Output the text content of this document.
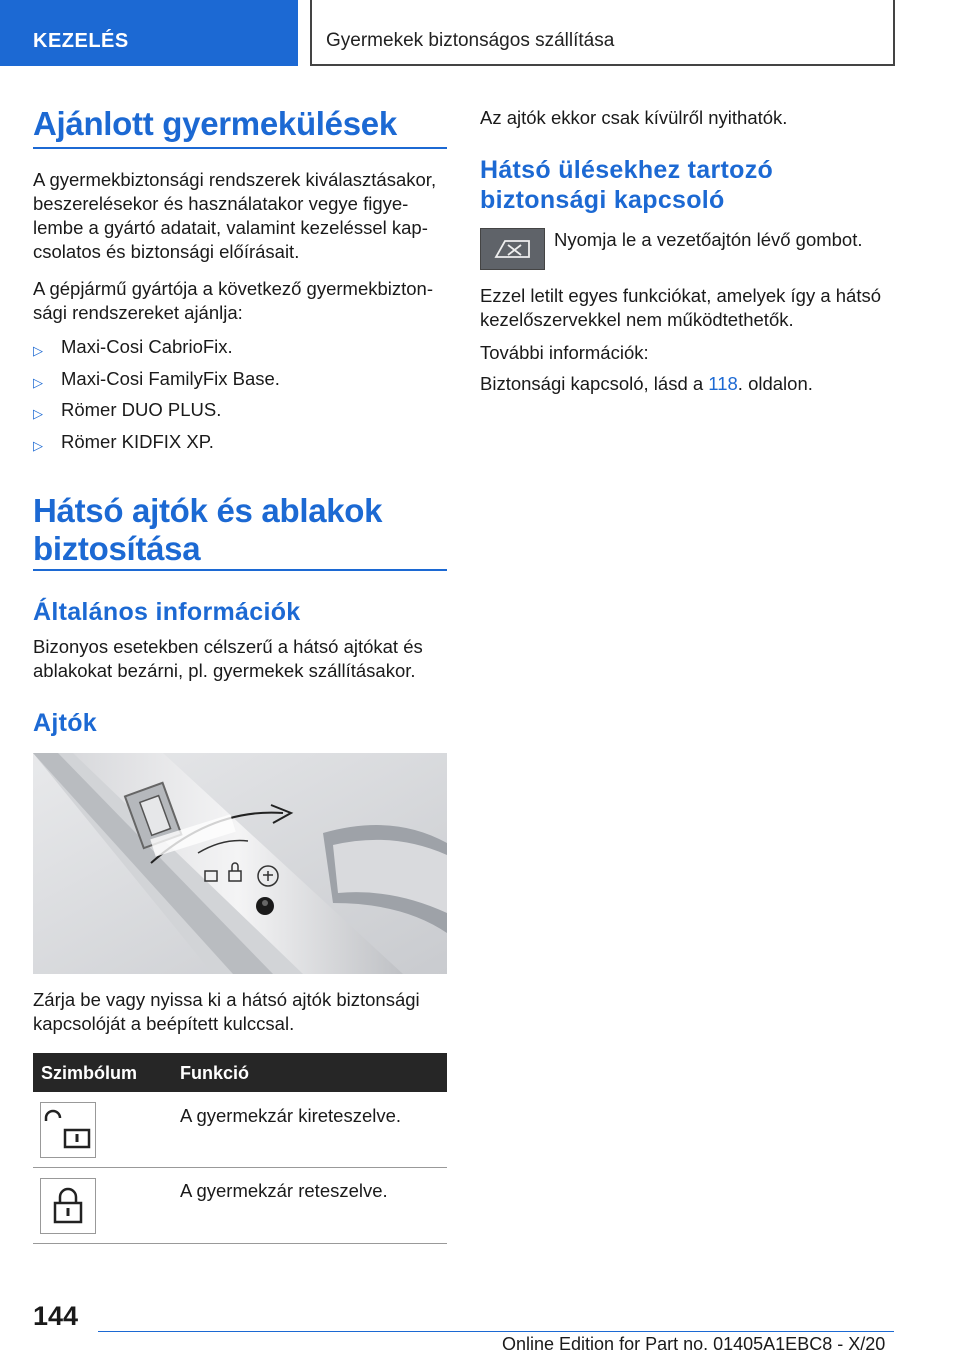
KEZELÉS	Gyermekek biztonságos szállítása
Ajánlott gyermekülések
A gyermekbiztonsági rendszerek kiválasztásakor,
beszerelésekor és használatakor vegye figye-
lembe a gyártó adatait, valamint kezeléssel kap-
csolatos és biztonsági előírásait.
A gépjármű gyártója a következő gyermekbizton-
sági rendszereket ajánlja:
▷ Maxi-Cosi CabrioFix.
▷ Maxi-Cosi FamilyFix Base.
▷ Römer DUO PLUS.
▷ Römer KIDFIX XP.
Hátsó ajtók és ablakok
biztosítása
Általános információk
Bizonyos esetekben célszerű a hátsó ajtókat és
ablakokat bezárni, pl. gyermekek szállításakor.
Ajtók
Zárja be vagy nyissa ki a hátsó ajtók biztonsági
kapcsolóját a beépített kulccsal.
Szimbólum Funkció
A gyermekzár kireteszelve.
A gyermekzár reteszelve.
Az ajtók ekkor csak kívülről nyithatók.
Hátsó ülésekhez tartozó
biztonsági kapcsoló
Nyomja le a vezetőajtón lévő gombot.
Ezzel letilt egyes funkciókat, amelyek így a hátsó
kezelőszervekkel nem működtethetők.
További információk:
Biztonsági kapcsoló, lásd a 118. oldalon.
144
Online Edition for Part no. 01405A1EBC8 - X/20
